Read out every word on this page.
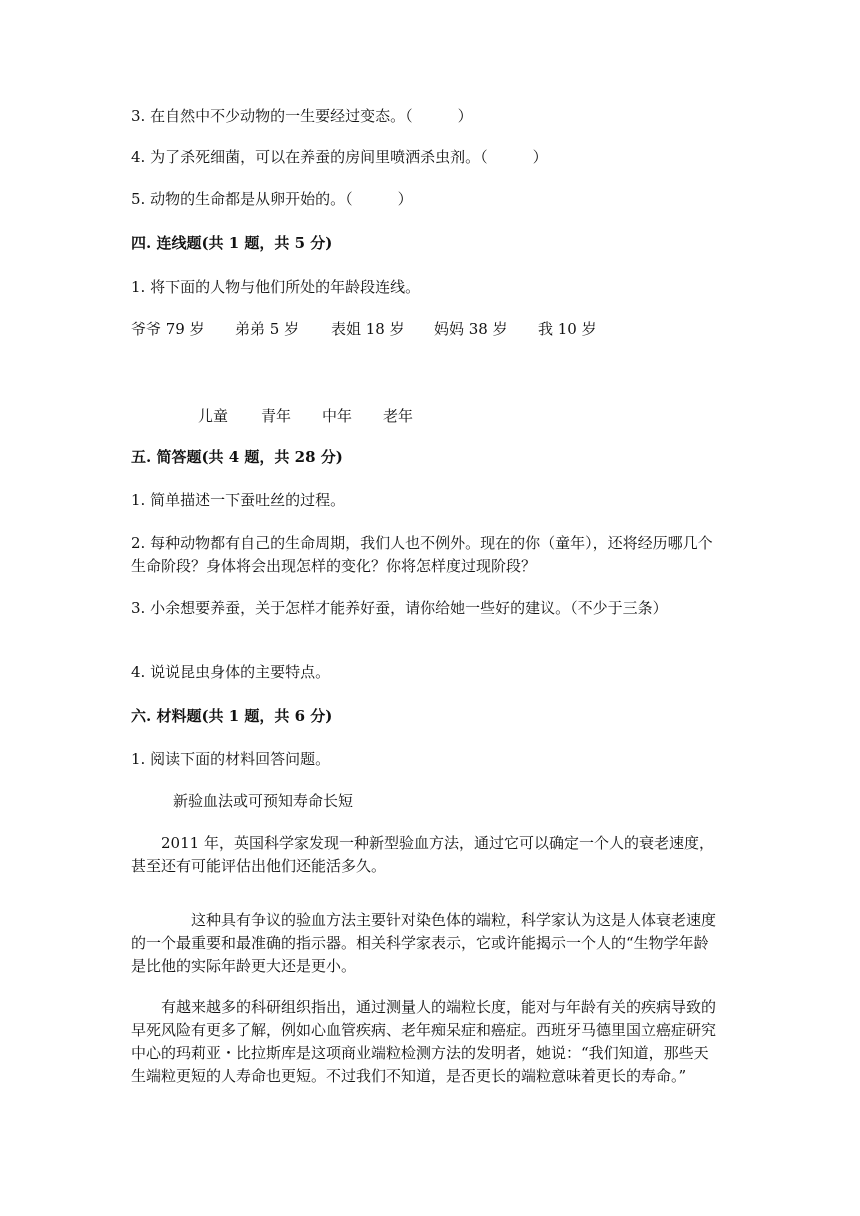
3. 在自然中不少动物的一生要经过变态。（　　　）
4. 为了杀死细菌，可以在养蚕的房间里喷洒杀虫剂。（　　　）
5. 动物的生命都是从卵开始的。（　　　）
四. 连线题(共 1 题，共 5 分)
1. 将下面的人物与他们所处的年龄段连线。
爷爷 79 岁 弟弟 5 岁 表姐 18 岁 妈妈 38 岁 我 10 岁
儿童 青年 中年 老年
五. 简答题(共 4 题，共 28 分)
1. 简单描述一下蚕吐丝的过程。
2. 每种动物都有自己的生命周期，我们人也不例外。现在的你（童年），还将经历哪几个生命阶段？身体将会出现怎样的变化？你将怎样度过现阶段？
3. 小余想要养蚕，关于怎样才能养好蚕，请你给她一些好的建议。（不少于三条）
4. 说说昆虫身体的主要特点。
六. 材料题(共 1 题，共 6 分)
1. 阅读下面的材料回答问题。
新验血法或可预知寿命长短
2011 年，英国科学家发现一种新型验血方法，通过它可以确定一个人的衰老速度，甚至还有可能评估出他们还能活多久。
这种具有争议的验血方法主要针对染色体的端粒，科学家认为这是人体衰老速度的一个最重要和最准确的指示器。相关科学家表示，它或许能揭示一个人的“生物学年龄是比他的实际年龄更大还是更小。
有越来越多的科研组织指出，通过测量人的端粒长度，能对与年龄有关的疾病导致的早死风险有更多了解，例如心血管疾病、老年痴呆症和癌症。西班牙马德里国立癌症研究中心的玛莉亚・比拉斯库是这项商业端粒检测方法的发明者，她说：“我们知道，那些天生端粒更短的人寿命也更短。不过我们不知道，是否更长的端粒意味着更长的寿命。”
